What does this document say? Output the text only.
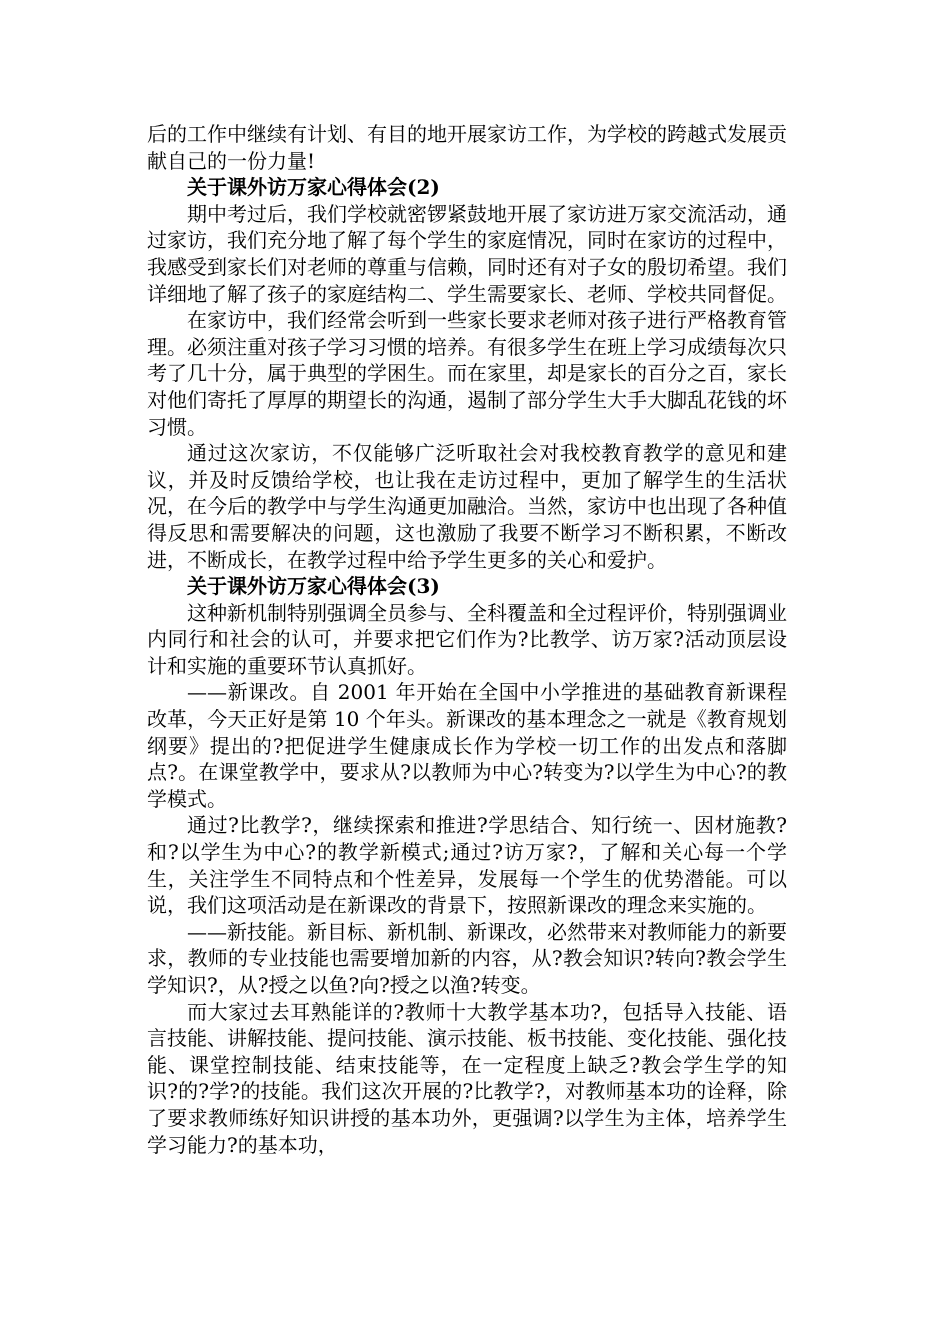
后的工作中继续有计划、有目的地开展家访工作，为学校的跨越式发展贡献自己的一份力量!

关于课外访万家心得体会(2)

期中考过后，我们学校就密锣紧鼓地开展了家访进万家交流活动，通过家访，我们充分地了解了每个学生的家庭情况，同时在家访的过程中，我感受到家长们对老师的尊重与信赖，同时还有对子女的殷切希望。我们详细地了解了孩子的家庭结构二、学生需要家长、老师、学校共同督促。

在家访中，我们经常会听到一些家长要求老师对孩子进行严格教育管理。必须注重对孩子学习习惯的培养。有很多学生在班上学习成绩每次只考了几十分，属于典型的学困生。而在家里，却是家长的百分之百，家长对他们寄托了厚厚的期望长的沟通，遏制了部分学生大手大脚乱花钱的坏习惯。

通过这次家访，不仅能够广泛听取社会对我校教育教学的意见和建议，并及时反馈给学校，也让我在走访过程中，更加了解学生的生活状况，在今后的教学中与学生沟通更加融洽。当然，家访中也出现了各种值得反思和需要解决的问题，这也激励了我要不断学习不断积累，不断改进，不断成长，在教学过程中给予学生更多的关心和爱护。

关于课外访万家心得体会(3)

这种新机制特别强调全员参与、全科覆盖和全过程评价，特别强调业内同行和社会的认可，并要求把它们作为?比教学、访万家?活动顶层设计和实施的重要环节认真抓好。

——新课改。自 2001 年开始在全国中小学推进的基础教育新课程改革，今天正好是第 10 个年头。新课改的基本理念之一就是《教育规划纲要》提出的?把促进学生健康成长作为学校一切工作的出发点和落脚点?。在课堂教学中，要求从?以教师为中心?转变为?以学生为中心?的教学模式。

通过?比教学?，继续探索和推进?学思结合、知行统一、因材施教?和?以学生为中心?的教学新模式;通过?访万家?，了解和关心每一个学生，关注学生不同特点和个性差异，发展每一个学生的优势潜能。可以说，我们这项活动是在新课改的背景下，按照新课改的理念来实施的。

——新技能。新目标、新机制、新课改，必然带来对教师能力的新要求，教师的专业技能也需要增加新的内容，从?教会知识?转向?教会学生学知识?，从?授之以鱼?向?授之以渔?转变。

而大家过去耳熟能详的?教师十大教学基本功?，包括导入技能、语言技能、讲解技能、提问技能、演示技能、板书技能、变化技能、强化技能、课堂控制技能、结束技能等，在一定程度上缺乏?教会学生学的知识?的?学?的技能。我们这次开展的?比教学?，对教师基本功的诠释，除了要求教师练好知识讲授的基本功外，更强调?以学生为主体，培养学生学习能力?的基本功，
